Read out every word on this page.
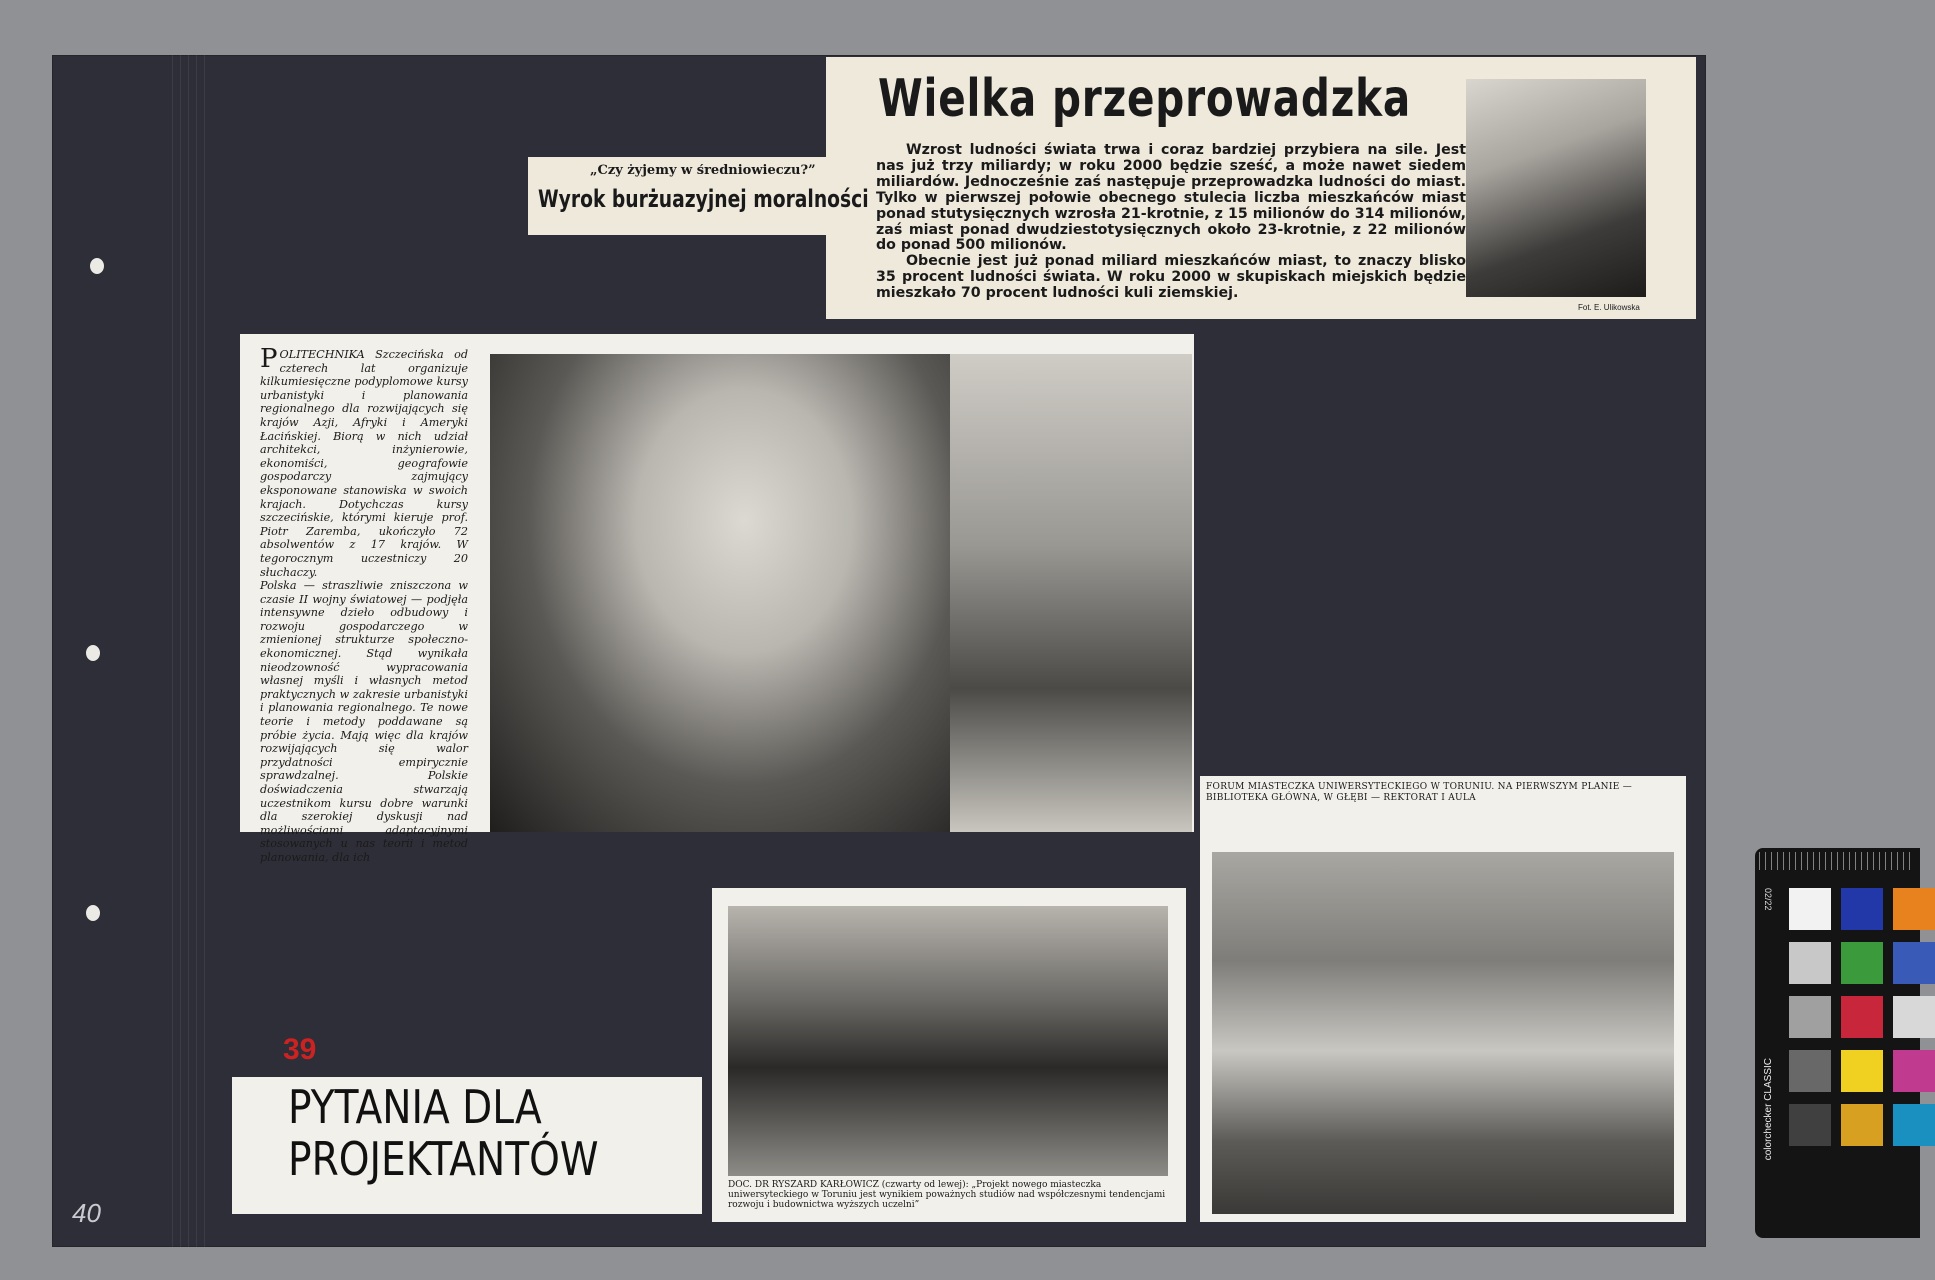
Wielka przeprowadzka

Wzrost ludności świata trwa i coraz bardziej przybiera na sile. Jest nas już trzy miliardy; w roku 2000 będzie sześć, a może nawet siedem miliardów. Jednocześnie zaś następuje przeprowadzka ludności do miast. Tylko w pierwszej połowie obecnego stulecia liczba mieszkańców miast ponad stutysięcznych wzrosła 21-krotnie, z 15 milionów do 314 milionów, zaś miast ponad dwudziestotysięcznych około 23-krotnie, z 22 milionów do ponad 500 milionów.

Obecnie jest już ponad miliard mieszkańców miast, to znaczy blisko 35 procent ludności świata. W roku 2000 w skupiskach miejskich będzie mieszkało 70 procent ludności kuli ziemskiej.

Fot. E. Ulikowska
„Czy żyjemy w średniowieczu?”
Wyrok burżuazyjnej moralności

POLITECHNIKA Szczecińska od czterech lat organizuje kilkumiesięczne podyplomowe kursy urbanistyki i planowania regionalnego dla rozwijających się krajów Azji, Afryki i Ameryki Łacińskiej. Biorą w nich udział architekci, inżynierowie, ekonomiści, geografowie gospodarczy zajmujący eksponowane stanowiska w swoich krajach. Dotychczas kursy szczecińskie, którymi kieruje prof. Piotr Zaremba, ukończyło 72 absolwentów z 17 krajów. W tegorocznym uczestniczy 20 słuchaczy.

Polska — straszliwie zniszczona w czasie II wojny światowej — podjęła intensywne dzieło odbudowy i rozwoju gospodarczego w zmienionej strukturze społeczno-ekonomicznej. Stąd wynikała nieodzowność wypracowania własnej myśli i własnych metod praktycznych w zakresie urbanistyki i planowania regionalnego. Te nowe teorie i metody poddawane są próbie życia. Mają więc dla krajów rozwijających się walor przydatności empirycznie sprawdzalnej. Polskie doświadczenia stwarzają uczestnikom kursu dobre warunki dla szerokiej dyskusji nad możliwościami adaptacyjnymi stosowanych u nas teorii i metod planowania, dla ich

FORUM MIASTECZKA UNIWERSYTECKIEGO W TORUNIU. NA PIERWSZYM PLANIE — BIBLIOTEKA GŁÓWNA, W GŁĘBI — REKTORAT I AULA
DOC. DR RYSZARD KARŁOWICZ (czwarty od lewej): „Projekt nowego miasteczka uniwersyteckiego w Toruniu jest wynikiem poważnych studiów nad współczesnymi tendencjami rozwoju i budownictwa wyższych uczelni”
PYTANIA DLA
PROJEKTANTÓW
39
40
02/22
colorchecker CLASSIC
